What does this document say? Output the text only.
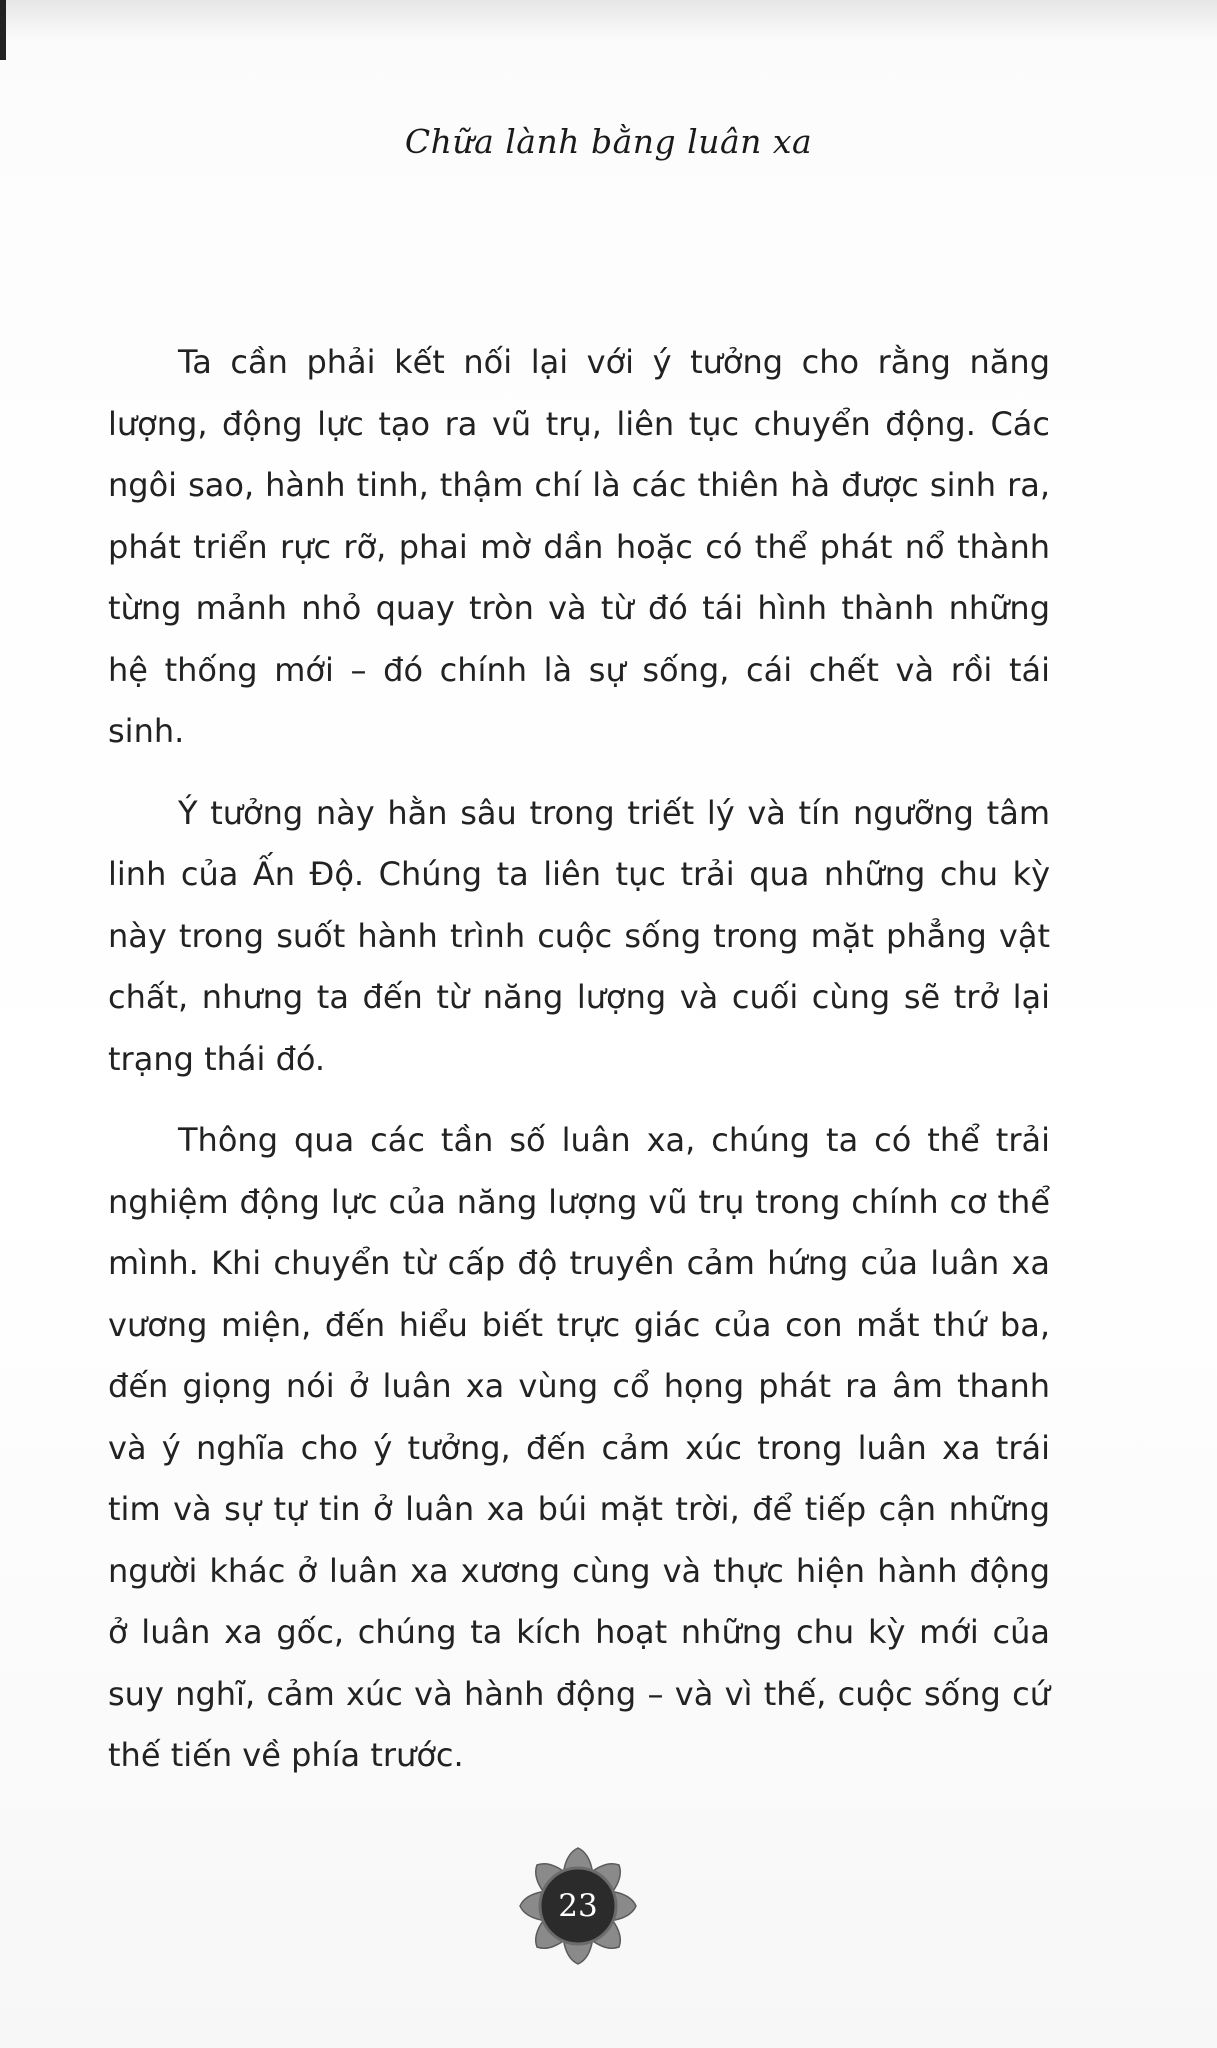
Chữa lành bằng luân xa

Ta cần phải kết nối lại với ý tưởng cho rằng năng lượng, động lực tạo ra vũ trụ, liên tục chuyển động. Các ngôi sao, hành tinh, thậm chí là các thiên hà được sinh ra, phát triển rực rỡ, phai mờ dần hoặc có thể phát nổ thành từng mảnh nhỏ quay tròn và từ đó tái hình thành những hệ thống mới – đó chính là sự sống, cái chết và rồi tái sinh.

Ý tưởng này hằn sâu trong triết lý và tín ngưỡng tâm linh của Ấn Độ. Chúng ta liên tục trải qua những chu kỳ này trong suốt hành trình cuộc sống trong mặt phẳng vật chất, nhưng ta đến từ năng lượng và cuối cùng sẽ trở lại trạng thái đó.

Thông qua các tần số luân xa, chúng ta có thể trải nghiệm động lực của năng lượng vũ trụ trong chính cơ thể mình. Khi chuyển từ cấp độ truyền cảm hứng của luân xa vương miện, đến hiểu biết trực giác của con mắt thứ ba, đến giọng nói ở luân xa vùng cổ họng phát ra âm thanh và ý nghĩa cho ý tưởng, đến cảm xúc trong luân xa trái tim và sự tự tin ở luân xa búi mặt trời, để tiếp cận những người khác ở luân xa xương cùng và thực hiện hành động ở luân xa gốc, chúng ta kích hoạt những chu kỳ mới của suy nghĩ, cảm xúc và hành động – và vì thế, cuộc sống cứ thế tiến về phía trước.

23
